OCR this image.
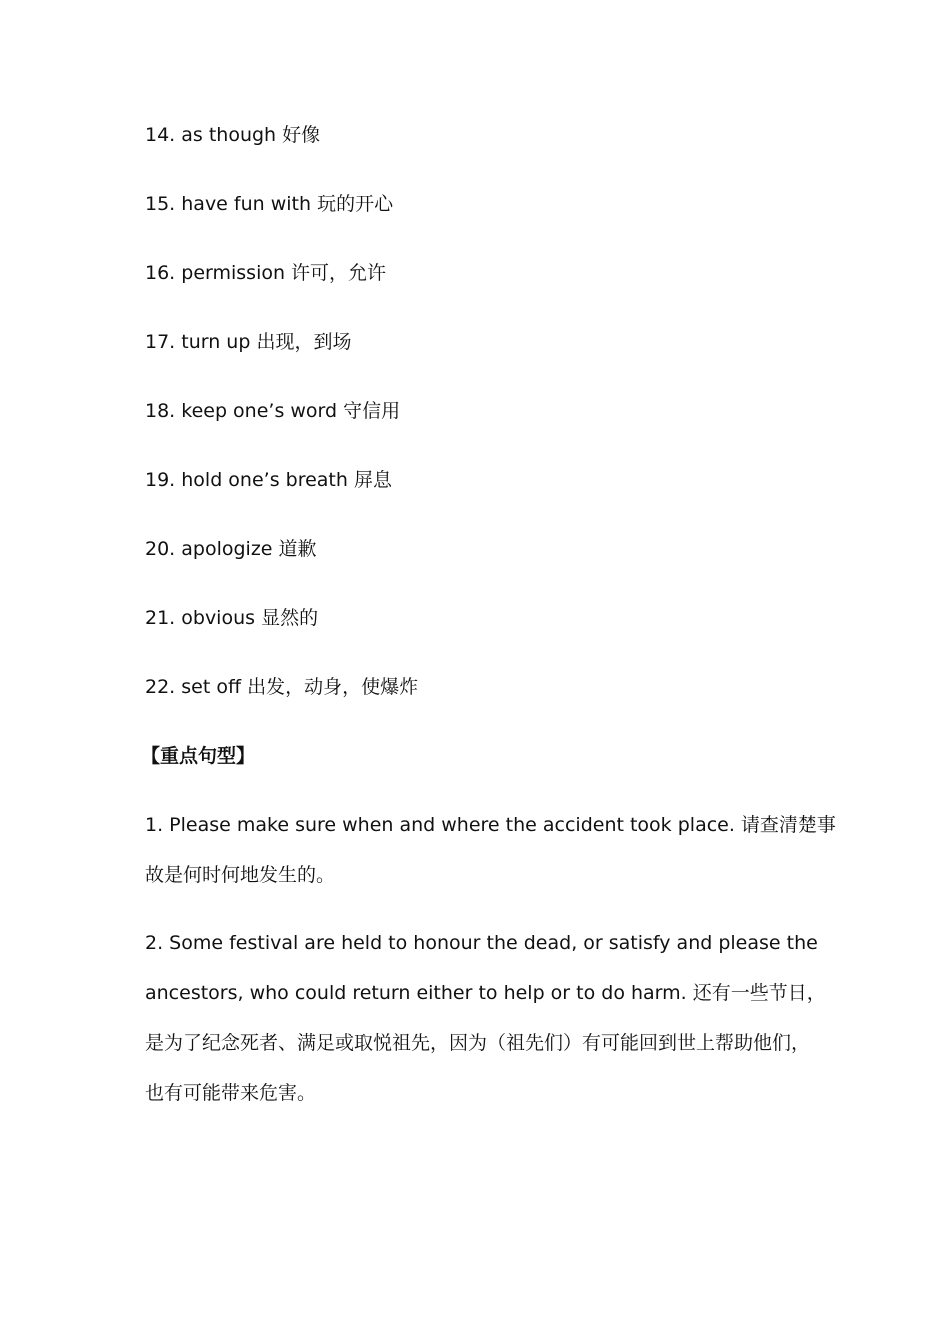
14. as though 好像
15. have fun with 玩的开心
16. permission 许可，允许
17. turn up 出现，到场
18. keep one’s word 守信用
19. hold one’s breath 屏息
20. apologize 道歉
21. obvious 显然的
22. set off 出发，动身，使爆炸
【重点句型】
1. Please make sure when and where the accident took place. 请查清楚事
故是何时何地发生的。
2. Some festival are held to honour the dead, or satisfy and please the
ancestors, who could return either to help or to do harm. 还有一些节日，
是为了纪念死者、满足或取悦祖先，因为（祖先们）有可能回到世上帮助他们，
也有可能带来危害。
